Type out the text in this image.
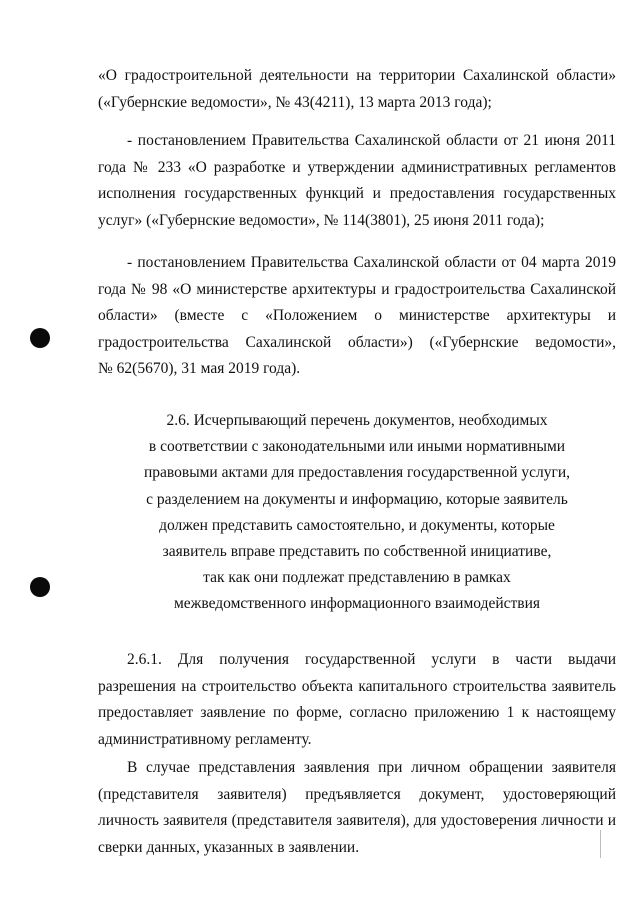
«О градостроительной деятельности на территории Сахалинской области»
(«Губернские ведомости», № 43(4211), 13 марта 2013 года);

- постановлением Правительства Сахалинской области от 21 июня 2011
года № 233 «О разработке и утверждении административных регламентов
исполнения государственных функций и предоставления государственных
услуг» («Губернские ведомости», № 114(3801), 25 июня 2011 года);

- постановлением Правительства Сахалинской области от 04 марта 2019
года № 98 «О министерстве архитектуры и градостроительства Сахалинской
области» (вместе с «Положением о министерстве архитектуры и
градостроительства Сахалинской области») («Губернские ведомости»,
№ 62(5670), 31 мая 2019 года).

2.6. Исчерпывающий перечень документов, необходимых
в соответствии с законодательными или иными нормативными
правовыми актами для предоставления государственной услуги,
с разделением на документы и информацию, которые заявитель
должен представить самостоятельно, и документы, которые
заявитель вправе представить по собственной инициативе,
так как они подлежат представлению в рамках
межведомственного информационного взаимодействия

2.6.1. Для получения государственной услуги в части выдачи
разрешения на строительство объекта капитального строительства заявитель
предоставляет заявление по форме, согласно приложению 1 к настоящему
административному регламенту.

В случае представления заявления при личном обращении заявителя
(представителя заявителя) предъявляется документ, удостоверяющий
личность заявителя (представителя заявителя), для удостоверения личности и
сверки данных, указанных в заявлении.
